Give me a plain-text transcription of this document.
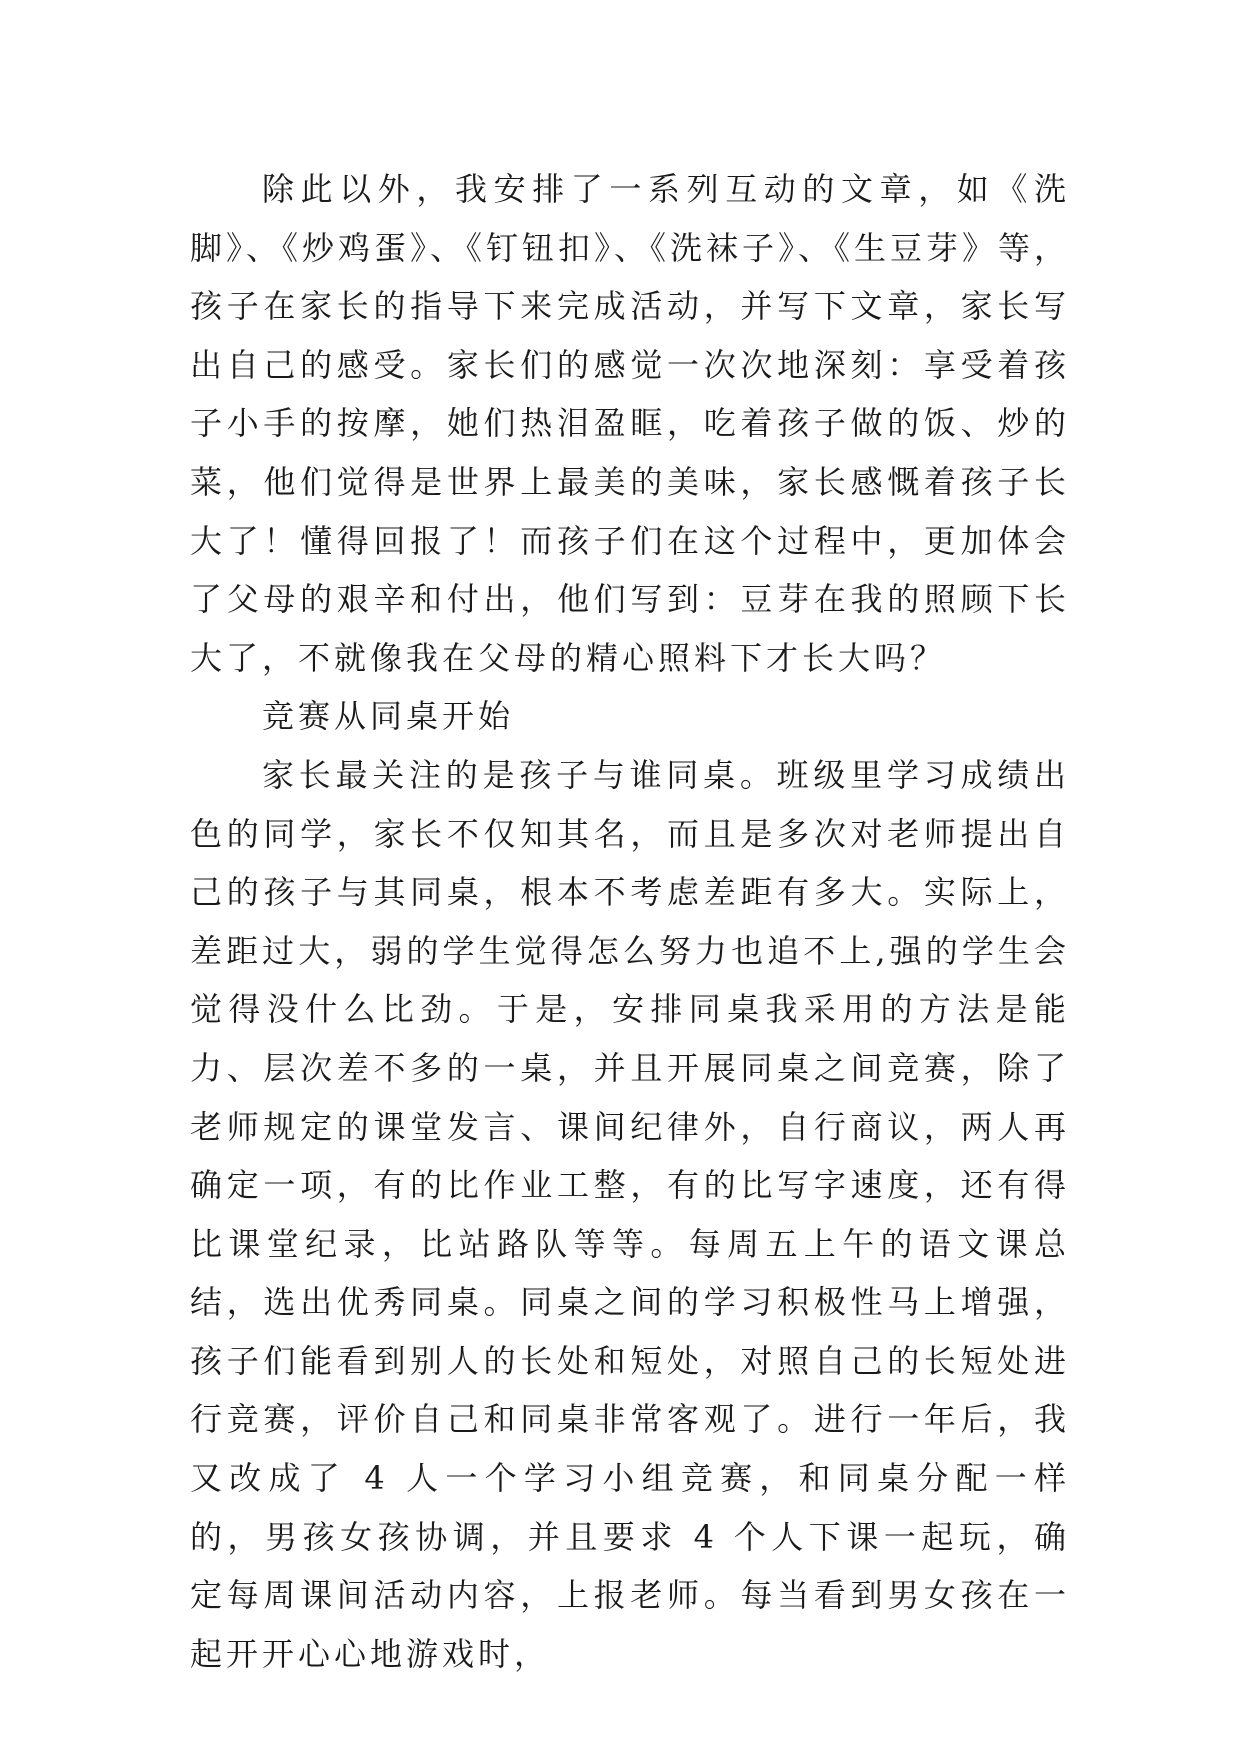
除此以外，我安排了一系列互动的文章，如《洗脚》、《炒鸡蛋》、《钉钮扣》、《洗袜子》、《生豆芽》等，孩子在家长的指导下来完成活动，并写下文章，家长写出自己的感受。家长们的感觉一次次地深刻：享受着孩子小手的按摩，她们热泪盈眶，吃着孩子做的饭、炒的菜，他们觉得是世界上最美的美味，家长感慨着孩子长大了！懂得回报了！而孩子们在这个过程中，更加体会了父母的艰辛和付出，他们写到：豆芽在我的照顾下长大了，不就像我在父母的精心照料下才长大吗？

竞赛从同桌开始

家长最关注的是孩子与谁同桌。班级里学习成绩出色的同学，家长不仅知其名，而且是多次对老师提出自己的孩子与其同桌，根本不考虑差距有多大。实际上，差距过大，弱的学生觉得怎么努力也追不上,强的学生会觉得没什么比劲。于是，安排同桌我采用的方法是能力、层次差不多的一桌，并且开展同桌之间竞赛，除了老师规定的课堂发言、课间纪律外，自行商议，两人再确定一项，有的比作业工整，有的比写字速度，还有得比课堂纪录，比站路队等等。每周五上午的语文课总结，选出优秀同桌。同桌之间的学习积极性马上增强，孩子们能看到别人的长处和短处，对照自己的长短处进行竞赛，评价自己和同桌非常客观了。进行一年后，我又改成了 4 人一个学习小组竞赛，和同桌分配一样的，男孩女孩协调，并且要求 4 个人下课一起玩，确定每周课间活动内容，上报老师。每当看到男女孩在一起开开心心地游戏时，
